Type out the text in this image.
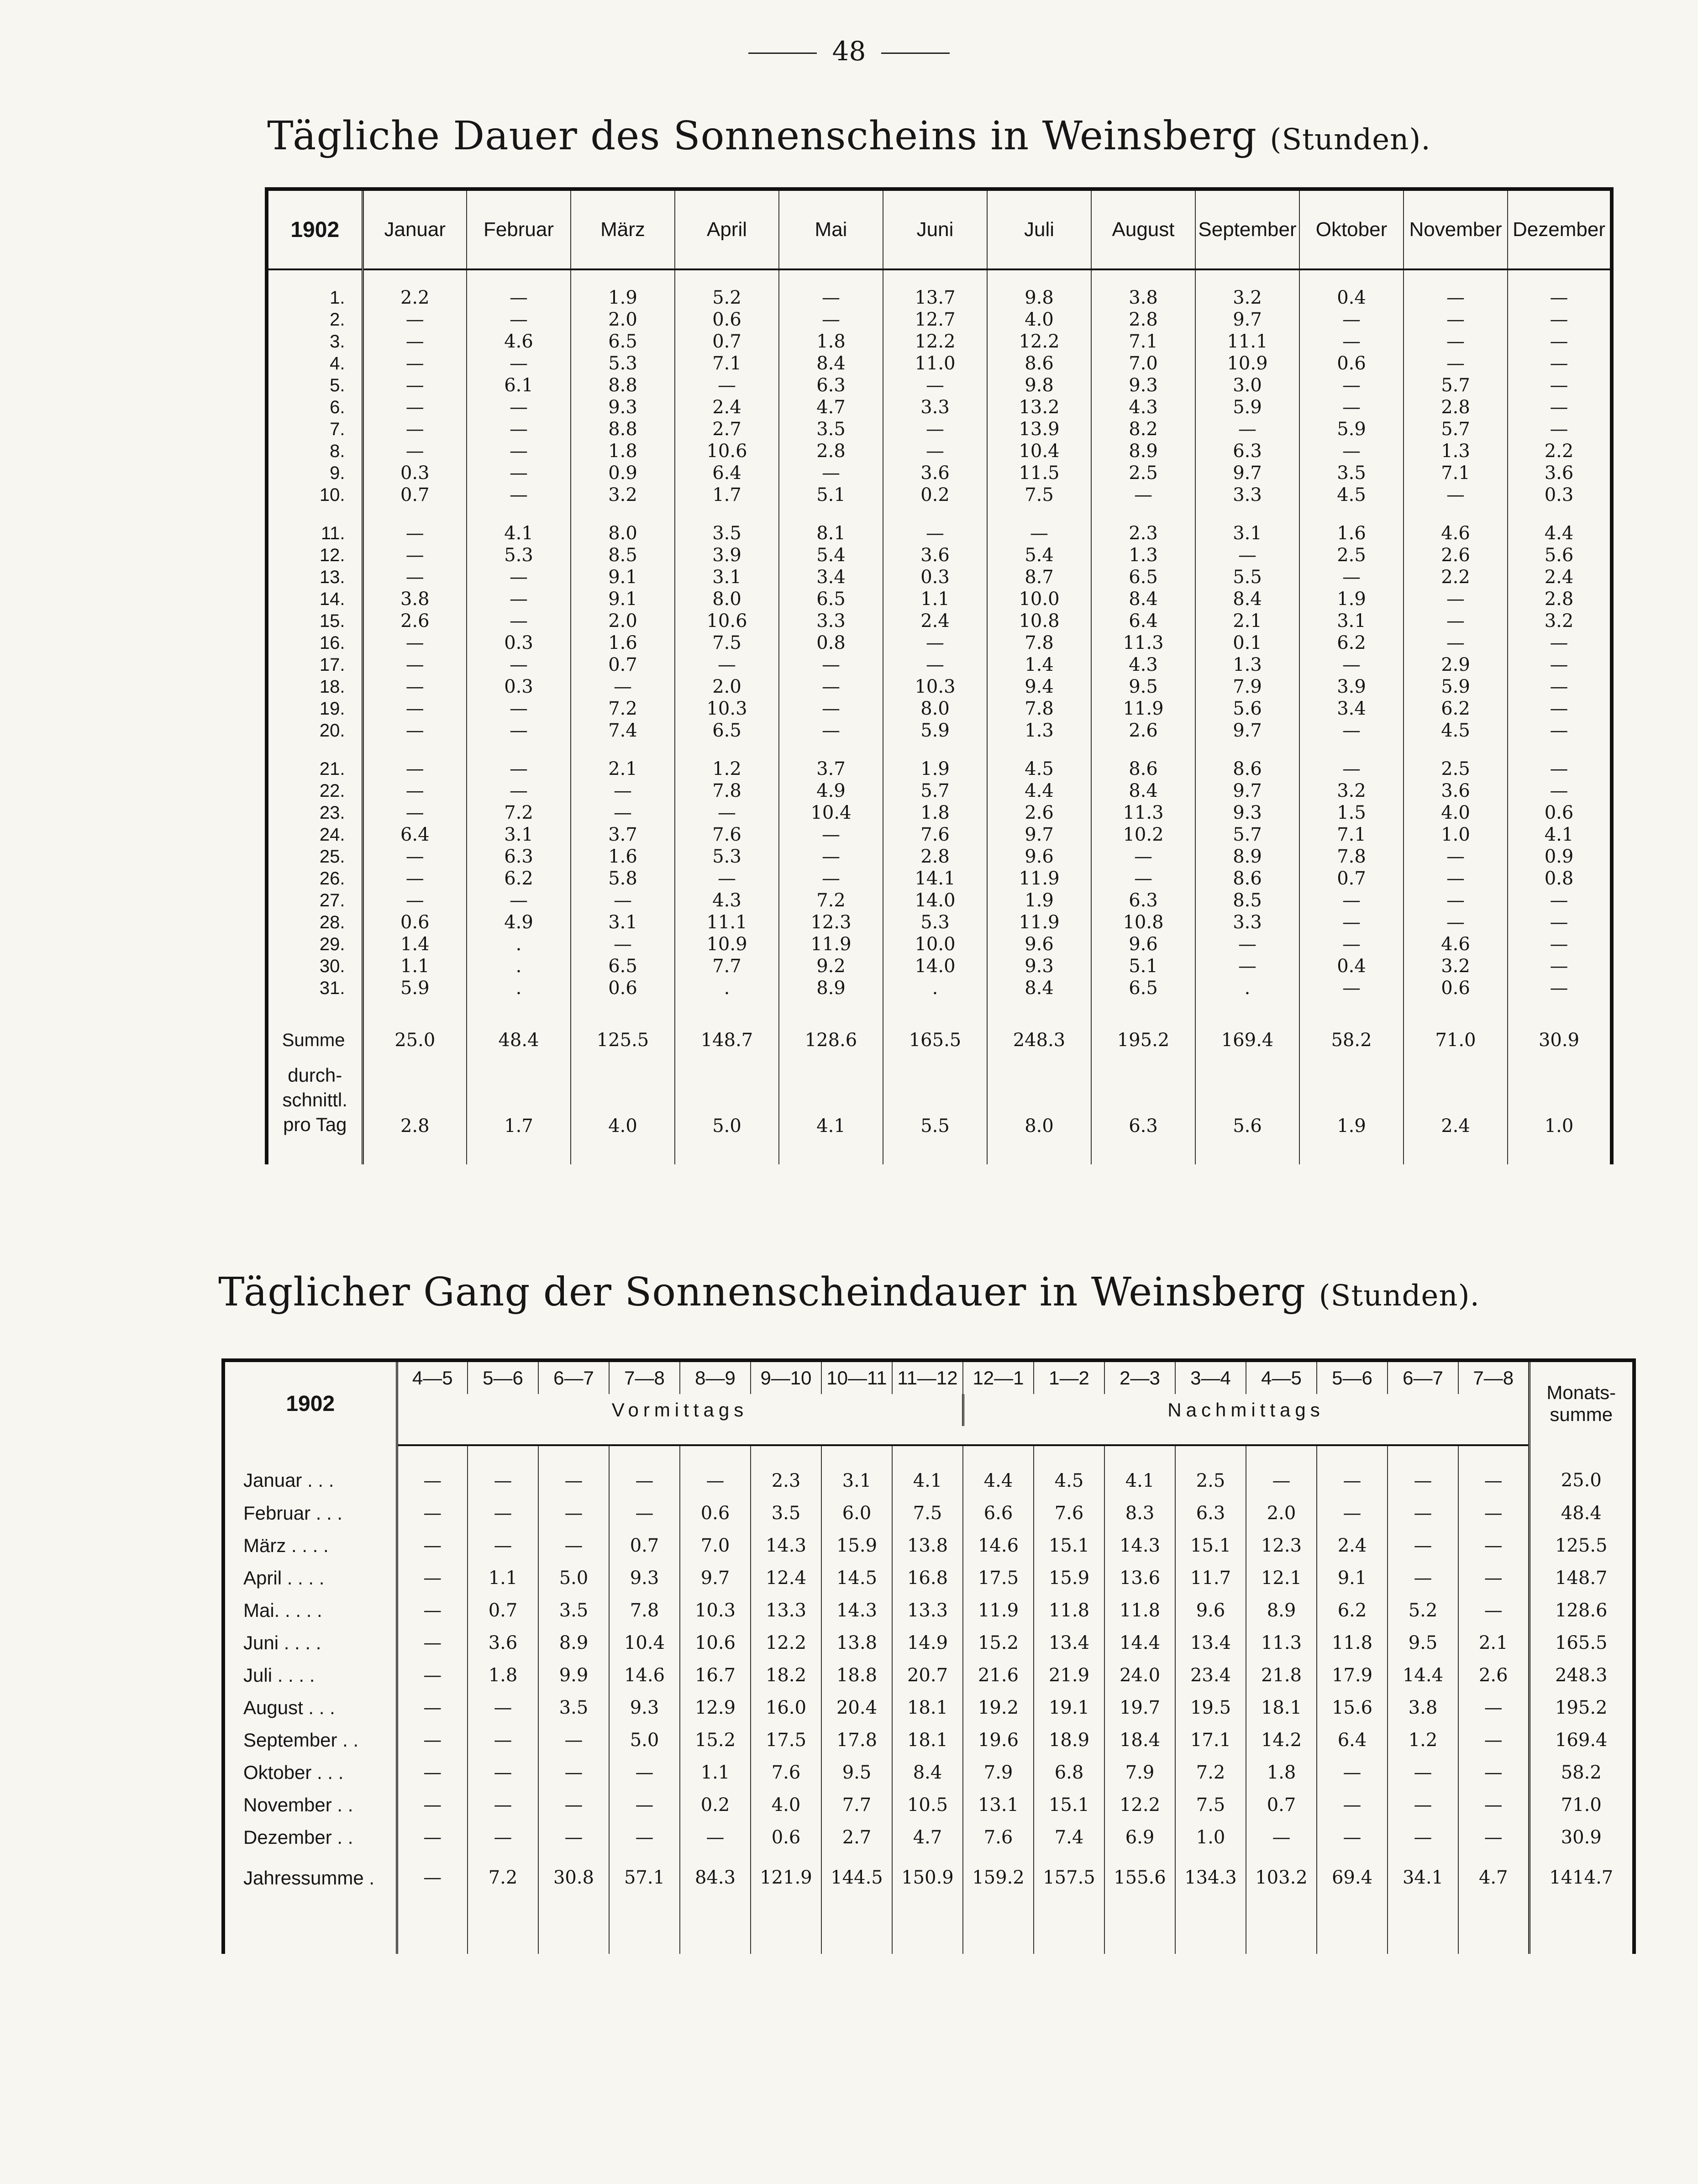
48
Tägliche Dauer des Sonnenscheins in Weinsberg (Stunden).
1902	Januar	Februar	März	April	Mai	Juni	Juli	August	September	Oktober	November	Dezember
1.	2.2	—	1.9	5.2	—	13.7	9.8	3.8	3.2	0.4	—	—
2.	—	—	2.0	0.6	—	12.7	4.0	2.8	9.7	—	—	—
3.	—	4.6	6.5	0.7	1.8	12.2	12.2	7.1	11.1	—	—	—
4.	—	—	5.3	7.1	8.4	11.0	8.6	7.0	10.9	0.6	—	—
5.	—	6.1	8.8	—	6.3	—	9.8	9.3	3.0	—	5.7	—
6.	—	—	9.3	2.4	4.7	3.3	13.2	4.3	5.9	—	2.8	—
7.	—	—	8.8	2.7	3.5	—	13.9	8.2	—	5.9	5.7	—
8.	—	—	1.8	10.6	2.8	—	10.4	8.9	6.3	—	1.3	2.2
9.	0.3	—	0.9	6.4	—	3.6	11.5	2.5	9.7	3.5	7.1	3.6
10.	0.7	—	3.2	1.7	5.1	0.2	7.5	—	3.3	4.5	—	0.3
11.	—	4.1	8.0	3.5	8.1	—	—	2.3	3.1	1.6	4.6	4.4
12.	—	5.3	8.5	3.9	5.4	3.6	5.4	1.3	—	2.5	2.6	5.6
13.	—	—	9.1	3.1	3.4	0.3	8.7	6.5	5.5	—	2.2	2.4
14.	3.8	—	9.1	8.0	6.5	1.1	10.0	8.4	8.4	1.9	—	2.8
15.	2.6	—	2.0	10.6	3.3	2.4	10.8	6.4	2.1	3.1	—	3.2
16.	—	0.3	1.6	7.5	0.8	—	7.8	11.3	0.1	6.2	—	—
17.	—	—	0.7	—	—	—	1.4	4.3	1.3	—	2.9	—
18.	—	0.3	—	2.0	—	10.3	9.4	9.5	7.9	3.9	5.9	—
19.	—	—	7.2	10.3	—	8.0	7.8	11.9	5.6	3.4	6.2	—
20.	—	—	7.4	6.5	—	5.9	1.3	2.6	9.7	—	4.5	—
21.	—	—	2.1	1.2	3.7	1.9	4.5	8.6	8.6	—	2.5	—
22.	—	—	—	7.8	4.9	5.7	4.4	8.4	9.7	3.2	3.6	—
23.	—	7.2	—	—	10.4	1.8	2.6	11.3	9.3	1.5	4.0	0.6
24.	6.4	3.1	3.7	7.6	—	7.6	9.7	10.2	5.7	7.1	1.0	4.1
25.	—	6.3	1.6	5.3	—	2.8	9.6	—	8.9	7.8	—	0.9
26.	—	6.2	5.8	—	—	14.1	11.9	—	8.6	0.7	—	0.8
27.	—	—	—	4.3	7.2	14.0	1.9	6.3	8.5	—	—	—
28.	0.6	4.9	3.1	11.1	12.3	5.3	11.9	10.8	3.3	—	—	—
29.	1.4	.	—	10.9	11.9	10.0	9.6	9.6	—	—	4.6	—
30.	1.1	.	6.5	7.7	9.2	14.0	9.3	5.1	—	0.4	3.2	—
31.	5.9	.	0.6	.	8.9	.	8.4	6.5	.	—	0.6	—
Summe	25.0	48.4	125.5	148.7	128.6	165.5	248.3	195.2	169.4	58.2	71.0	30.9

durch-
schnittl.
pro Tag	2.8	1.7	4.0	5.0	4.1	5.5	8.0	6.3	5.6	1.9	2.4	1.0
Täglicher Gang der Sonnenscheindauer in Weinsberg (Stunden).
1902	4—5	5—6	6—7	7—8	8—9	9—10	10—11	11—12	12—1	1—2	2—3	3—4	4—5	5—6	6—7	7—8	Monats-summe
	Vormittags								Nachmittags								

Januar . . .	—	—	—	—	—	2.3	3.1	4.1	4.4	4.5	4.1	2.5	—	—	—	—	25.0
Februar . . .	—	—	—	—	0.6	3.5	6.0	7.5	6.6	7.6	8.3	6.3	2.0	—	—	—	48.4
März . . . .	—	—	—	0.7	7.0	14.3	15.9	13.8	14.6	15.1	14.3	15.1	12.3	2.4	—	—	125.5
April . . . .	—	1.1	5.0	9.3	9.7	12.4	14.5	16.8	17.5	15.9	13.6	11.7	12.1	9.1	—	—	148.7
Mai. . . . .	—	0.7	3.5	7.8	10.3	13.3	14.3	13.3	11.9	11.8	11.8	9.6	8.9	6.2	5.2	—	128.6
Juni . . . .	—	3.6	8.9	10.4	10.6	12.2	13.8	14.9	15.2	13.4	14.4	13.4	11.3	11.8	9.5	2.1	165.5
Juli . . . .	—	1.8	9.9	14.6	16.7	18.2	18.8	20.7	21.6	21.9	24.0	23.4	21.8	17.9	14.4	2.6	248.3
August . . .	—	—	3.5	9.3	12.9	16.0	20.4	18.1	19.2	19.1	19.7	19.5	18.1	15.6	3.8	—	195.2
September . .	—	—	—	5.0	15.2	17.5	17.8	18.1	19.6	18.9	18.4	17.1	14.2	6.4	1.2	—	169.4
Oktober . . .	—	—	—	—	1.1	7.6	9.5	8.4	7.9	6.8	7.9	7.2	1.8	—	—	—	58.2
November . .	—	—	—	—	0.2	4.0	7.7	10.5	13.1	15.1	12.2	7.5	0.7	—	—	—	71.0
Dezember . .	—	—	—	—	—	0.6	2.7	4.7	7.6	7.4	6.9	1.0	—	—	—	—	30.9
Jahressumme .	—	7.2	30.8	57.1	84.3	121.9	144.5	150.9	159.2	157.5	155.6	134.3	103.2	69.4	34.1	4.7	1414.7
